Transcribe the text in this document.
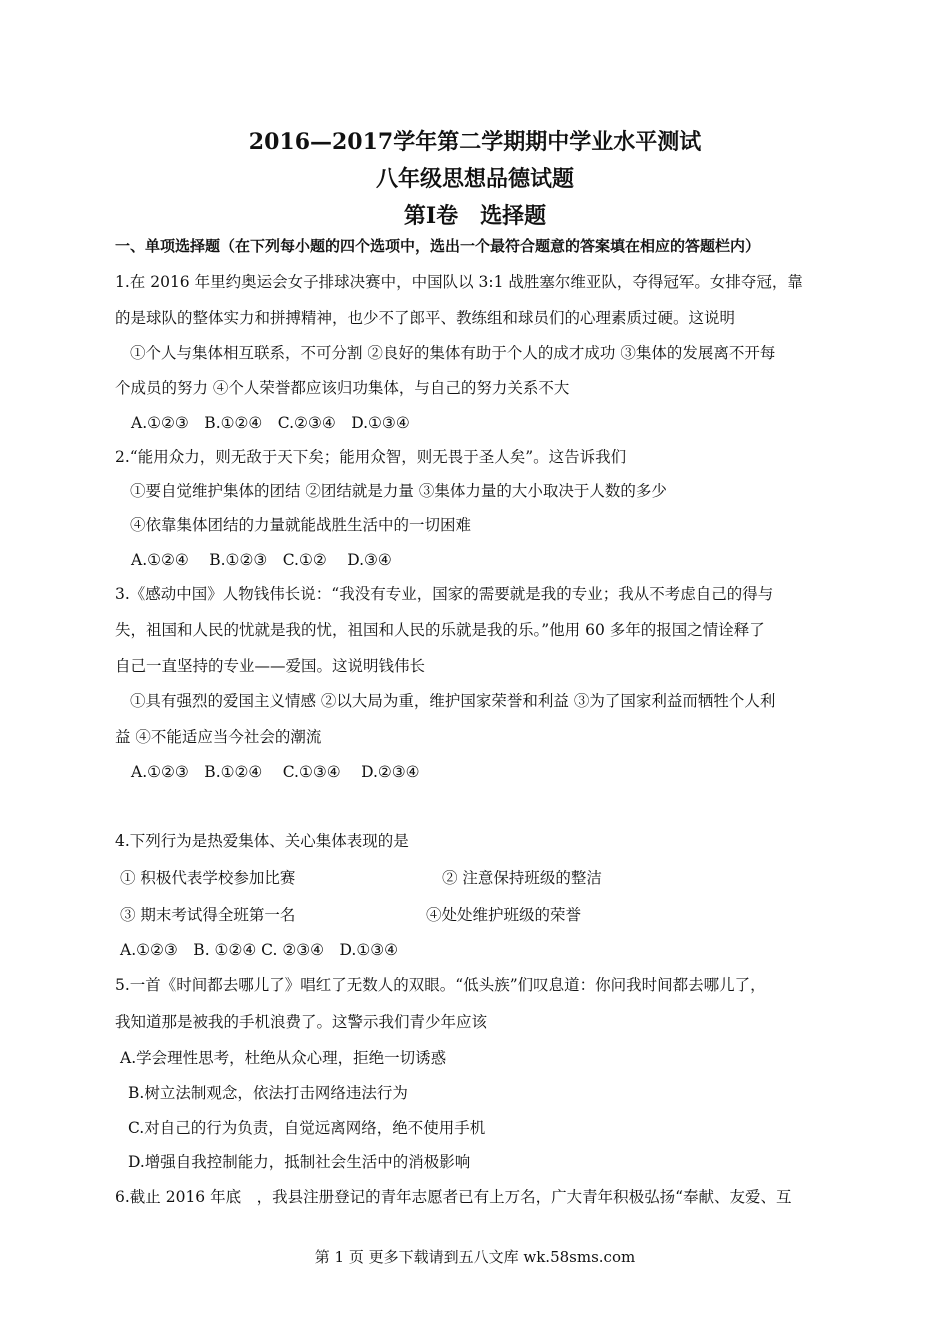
2016—2017学年第二学期期中学业水平测试
八年级思想品德试题
第Ⅰ卷　选择题
一、单项选择题（在下列每小题的四个选项中，选出一个最符合题意的答案填在相应的答题栏内）
1.在 2016 年里约奥运会女子排球决赛中，中国队以 3:1 战胜塞尔维亚队，夺得冠军。女排夺冠，靠
的是球队的整体实力和拼搏精神，也少不了郎平、教练组和球员们的心理素质过硬。这说明
①个人与集体相互联系，不可分割 ②良好的集体有助于个人的成才成功 ③集体的发展离不开每
个成员的努力 ④个人荣誉都应该归功集体，与自己的努力关系不大
A.①②③　B.①②④　C.②③④　D.①③④
2.“能用众力，则无敌于天下矣；能用众智，则无畏于圣人矣”。这告诉我们
①要自觉维护集体的团结 ②团结就是力量 ③集体力量的大小取决于人数的多少
④依靠集体团结的力量就能战胜生活中的一切困难
A.①②④　 B.①②③　C.①②　 D.③④
3.《感动中国》人物钱伟长说：“我没有专业，国家的需要就是我的专业；我从不考虑自己的得与
失，祖国和人民的忧就是我的忧，祖国和人民的乐就是我的乐。”他用 60 多年的报国之情诠释了
自己一直坚持的专业——爱国。这说明钱伟长
①具有强烈的爱国主义情感 ②以大局为重，维护国家荣誉和利益 ③为了国家利益而牺牲个人利
益 ④不能适应当今社会的潮流
A.①②③　B.①②④　 C.①③④　 D.②③④
4.下列行为是热爱集体、关心集体表现的是
① 积极代表学校参加比赛	② 注意保持班级的整洁
③ 期末考试得全班第一名	④处处维护班级的荣誉
A.①②③　B. ①②④ C. ②③④　D.①③④
5.一首《时间都去哪儿了》唱红了无数人的双眼。“低头族”们叹息道：你问我时间都去哪儿了，
我知道那是被我的手机浪费了。这警示我们青少年应该
A.学会理性思考，杜绝从众心理，拒绝一切诱惑
B.树立法制观念，依法打击网络违法行为
C.对自己的行为负责，自觉远离网络，绝不使用手机
D.增强自我控制能力，抵制社会生活中的消极影响
6.截止 2016 年底　，我县注册登记的青年志愿者已有上万名，广大青年积极弘扬“奉献、友爱、互
第 1 页 更多下载请到五八文库 wk.58sms.com
